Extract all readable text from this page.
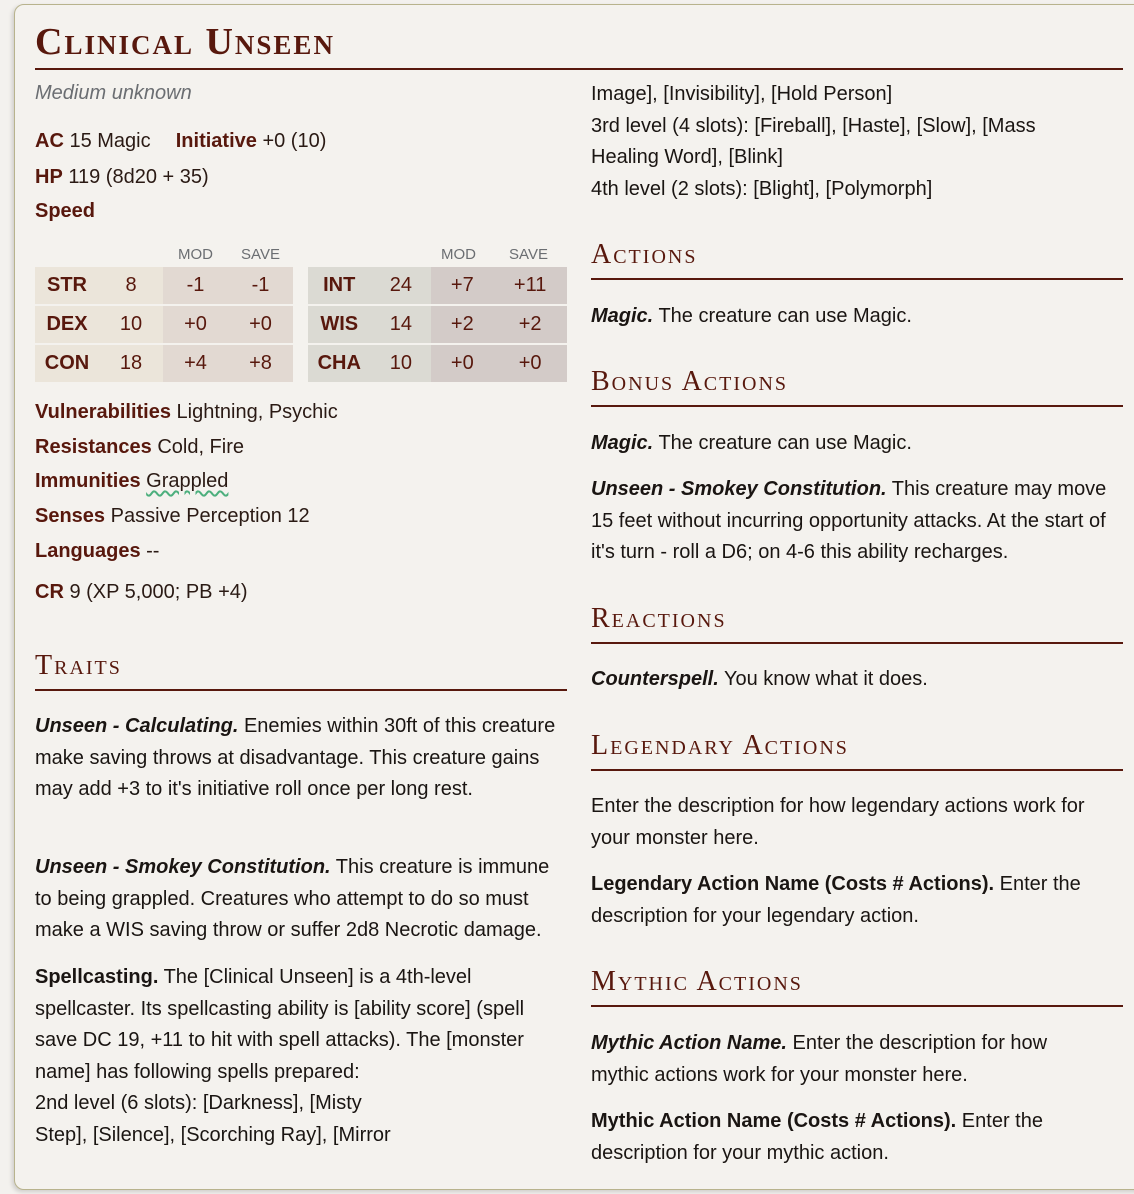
Clinical Unseen
Medium unknown
AC 15 Magic Initiative +0 (10)
HP 119 (8d20 + 35)
Speed
MOD	SAVE	MOD	SAVE
STR	8	-1	-1
DEX	10	+0	+0
CON	18	+4	+8
INT	24	+7	+11
WIS	14	+2	+2
CHA	10	+0	+0
Vulnerabilities Lightning, Psychic
Resistances Cold, Fire
Immunities Grappled
Senses Passive Perception 12
Languages --
CR 9 (XP 5,000; PB +4)
Traits
Unseen - Calculating. Enemies within 30ft of this creature make saving throws at disadvantage. This creature gains may add +3 to it's initiative roll once per long rest.
Unseen - Smokey Constitution. This creature is immune to being grappled. Creatures who attempt to do so must make a WIS saving throw or suffer 2d8 Necrotic damage.
Spellcasting. The [Clinical Unseen] is a 4th-level spellcaster. Its spellcasting ability is [ability score] (spell save DC 19, +11 to hit with spell attacks). The [monster name] has following spells prepared:
2nd level (6 slots): [Darkness], [Misty Step], [Silence], [Scorching Ray], [Mirror
Image], [Invisibility], [Hold Person]
3rd level (4 slots): [Fireball], [Haste], [Slow], [Mass Healing Word], [Blink]
4th level (2 slots): [Blight], [Polymorph]
Actions
Magic. The creature can use Magic.
Bonus Actions
Magic. The creature can use Magic.
Unseen - Smokey Constitution. This creature may move 15 feet without incurring opportunity attacks. At the start of it's turn - roll a D6; on 4-6 this ability recharges.
Reactions
Counterspell. You know what it does.
Legendary Actions
Enter the description for how legendary actions work for your monster here.
Legendary Action Name (Costs # Actions). Enter the description for your legendary action.
Mythic Actions
Mythic Action Name. Enter the description for how mythic actions work for your monster here.
Mythic Action Name (Costs # Actions). Enter the description for your mythic action.
